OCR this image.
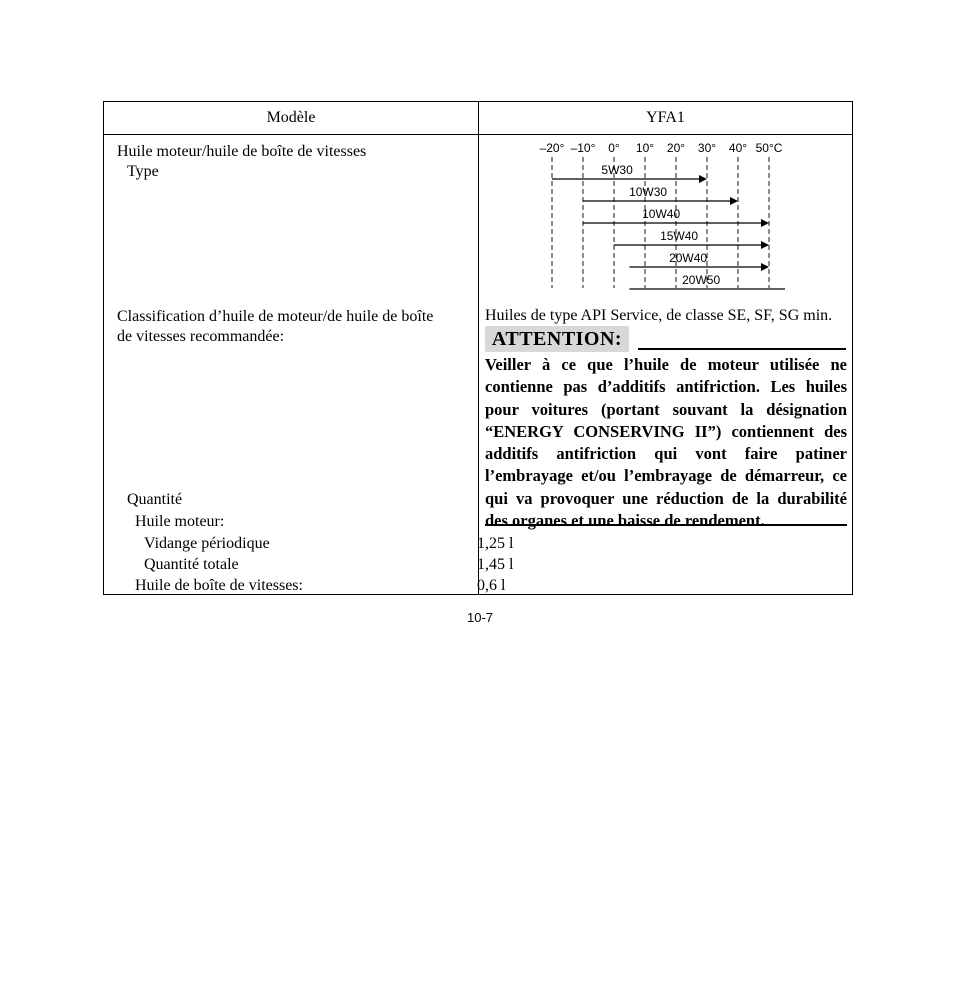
Modèle	YFA1
Huile moteur/huile de boîte de vitesses
Type
Classification d’huile de moteur/de huile de boîte
de vitesses recommandée:
Huiles de type API Service, de classe SE, SF, SG min.
ATTENTION:
Veiller à ce que l’huile de moteur utilisée ne
contienne pas d’additifs antifriction. Les huiles
pour voitures (portant souvant la désignation
“ENERGY CONSERVING II”) contiennent des
additifs antifriction qui vont faire patiner
l’embrayage et/ou l’embrayage de démarreur, ce
qui va provoquer une réduction de la durabilité
des organes et une baisse de rendement.
Quantité
Huile moteur:
Vidange périodique
Quantité totale
Huile de boîte de vitesses:
1,25 l
1,45 l
0,6 l
–20° –10° 0° 10° 20° 30° 40° 50°C
5W30
10W30
10W40
15W40
20W40
20W50
10-7
